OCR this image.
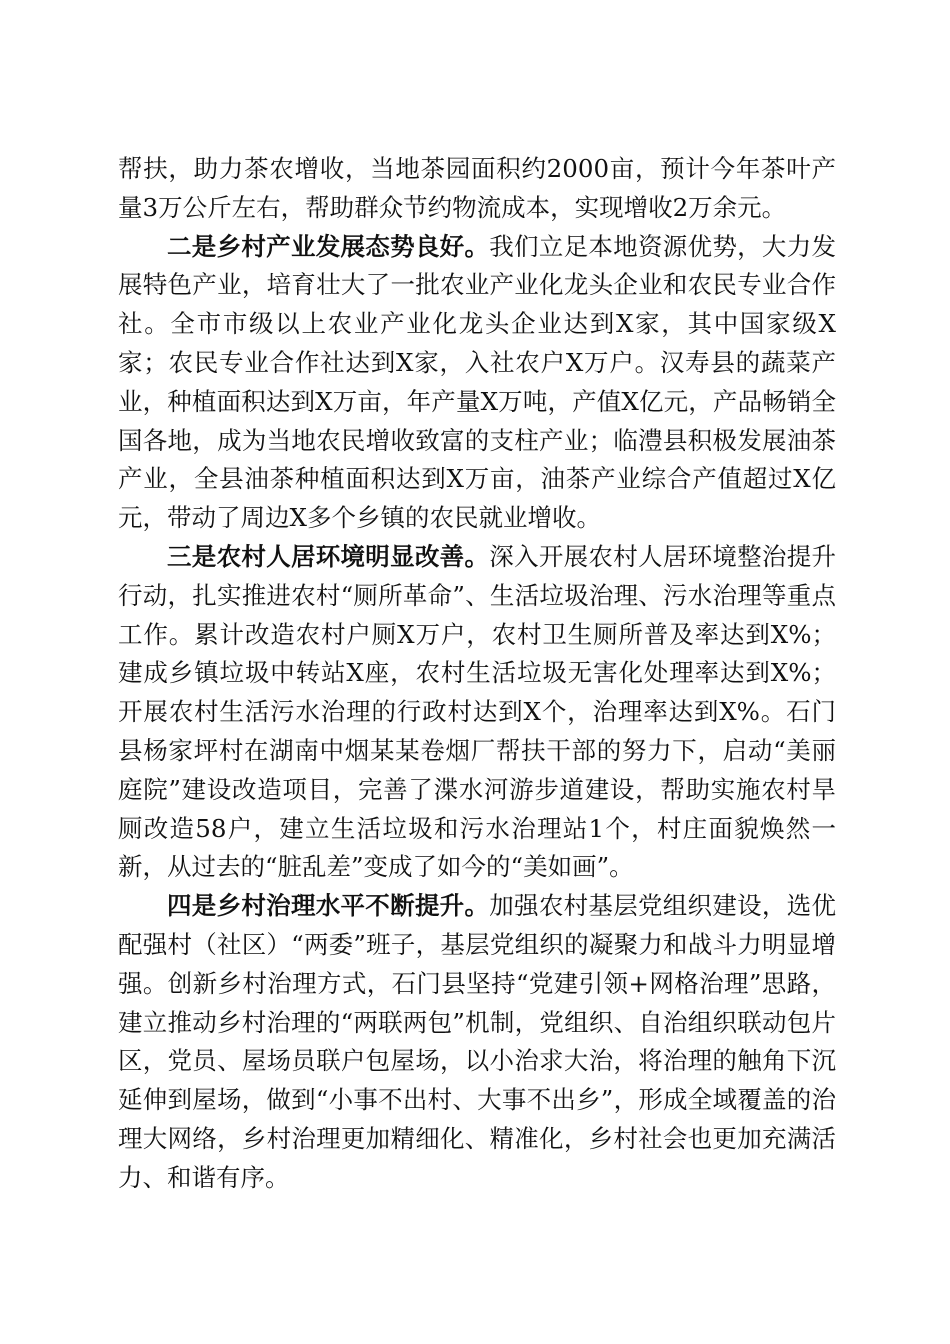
帮扶，助力茶农增收，当地茶园面积约2000亩，预计今年茶叶产量3万公斤左右，帮助群众节约物流成本，实现增收2万余元。

二是乡村产业发展态势良好。我们立足本地资源优势，大力发展特色产业，培育壮大了一批农业产业化龙头企业和农民专业合作社。全市市级以上农业产业化龙头企业达到X家，其中国家级X家；农民专业合作社达到X家，入社农户X万户。汉寿县的蔬菜产业，种植面积达到X万亩，年产量X万吨，产值X亿元，产品畅销全国各地，成为当地农民增收致富的支柱产业；临澧县积极发展油茶产业，全县油茶种植面积达到X万亩，油茶产业综合产值超过X亿元，带动了周边X多个乡镇的农民就业增收。

三是农村人居环境明显改善。深入开展农村人居环境整治提升行动，扎实推进农村“厕所革命”、生活垃圾治理、污水治理等重点工作。累计改造农村户厕X万户，农村卫生厕所普及率达到X%；建成乡镇垃圾中转站X座，农村生活垃圾无害化处理率达到X%；开展农村生活污水治理的行政村达到X个，治理率达到X%。石门县杨家坪村在湖南中烟某某卷烟厂帮扶干部的努力下，启动“美丽庭院”建设改造项目，完善了渫水河游步道建设，帮助实施农村旱厕改造58户，建立生活垃圾和污水治理站1个，村庄面貌焕然一新，从过去的“脏乱差”变成了如今的“美如画”。

四是乡村治理水平不断提升。加强农村基层党组织建设，选优配强村（社区）“两委”班子，基层党组织的凝聚力和战斗力明显增强。创新乡村治理方式，石门县坚持“党建引领+网格治理”思路，建立推动乡村治理的“两联两包”机制，党组织、自治组织联动包片区，党员、屋场员联户包屋场，以小治求大治，将治理的触角下沉延伸到屋场，做到“小事不出村、大事不出乡”，形成全域覆盖的治理大网络，乡村治理更加精细化、精准化，乡村社会也更加充满活力、和谐有序。
